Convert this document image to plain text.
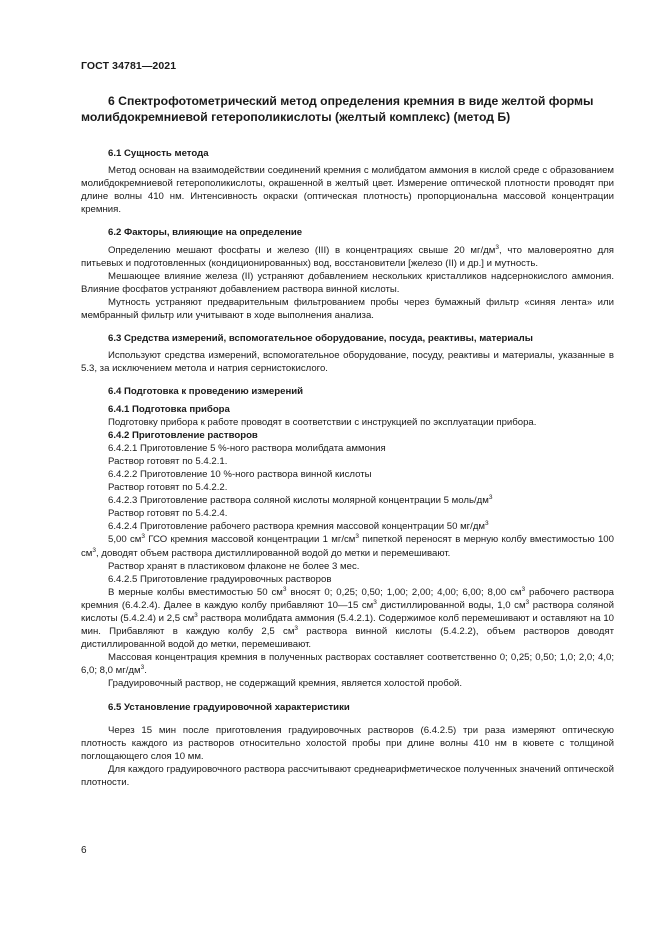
ГОСТ 34781—2021
6 Спектрофотометрический метод определения кремния в виде желтой формы молибдокремниевой гетерополикислоты (желтый комплекс) (метод Б)
6.1 Сущность метода

Метод основан на взаимодействии соединений кремния с молибдатом аммония в кислой среде с образованием молибдокремниевой гетерополикислоты, окрашенной в желтый цвет. Измерение оптической плотности проводят при длине волны 410 нм. Интенсивность окраски (оптическая плотность) пропорциональна массовой концентрации кремния.

6.2 Факторы, влияющие на определение

Определению мешают фосфаты и железо (III) в концентрациях свыше 20 $мг/дм^3$, что маловероятно для питьевых и подготовленных (кондиционированных) вод, восстановители [железо (II) и др.] и мутность.

Мешающее влияние железа (II) устраняют добавлением нескольких кристалликов надсернокислого аммония. Влияние фосфатов устраняют добавлением раствора винной кислоты.

Мутность устраняют предварительным фильтрованием пробы через бумажный фильтр «синяя лента» или мембранный фильтр или учитывают в ходе выполнения анализа.

6.3 Средства измерений, вспомогательное оборудование, посуда, реактивы, материалы

Используют средства измерений, вспомогательное оборудование, посуду, реактивы и материалы, указанные в 5.3, за исключением метола и натрия сернистокислого.

6.4 Подготовка к проведению измерений
6.4.1 Подготовка прибора

Подготовку прибора к работе проводят в соответствии с инструкцией по эксплуатации прибора.

6.4.2 Приготовление растворов

6.4.2.1 Приготовление 5 %-ного раствора молибдата аммония

Раствор готовят по 5.4.2.1.

6.4.2.2 Приготовление 10 %-ного раствора винной кислоты

Раствор готовят по 5.4.2.2.

6.4.2.3 Приготовление раствора соляной кислоты молярной концентрации 5 моль/$дм^3$

Раствор готовят по 5.4.2.4.

6.4.2.4 Приготовление рабочего раствора кремния массовой концентрации 50 $мг/дм^3$

5,00 $см^3$ ГСО кремния массовой концентрации 1 $мг/см^3$ пипеткой переносят в мерную колбу вместимостью 100 $см^3$, доводят объем раствора дистиллированной водой до метки и перемешивают.

Раствор хранят в пластиковом флаконе не более 3 мес.

6.4.2.5 Приготовление градуировочных растворов

В мерные колбы вместимостью 50 $см^3$ вносят 0; 0,25; 0,50; 1,00; 2,00; 4,00; 6,00; 8,00 $см^3$ рабочего раствора кремния (6.4.2.4). Далее в каждую колбу прибавляют 10—15 $см^3$ дистиллированной воды, 1,0 $см^3$ раствора соляной кислоты (5.4.2.4) и 2,5 $см^3$ раствора молибдата аммония (5.4.2.1). Содержимое колб перемешивают и оставляют на 10 мин. Прибавляют в каждую колбу 2,5 $см^3$ раствора винной кислоты (5.4.2.2), объем растворов доводят дистиллированной водой до метки, перемешивают.

Массовая концентрация кремния в полученных растворах составляет соответственно 0; 0,25; 0,50; 1,0; 2,0; 4,0; 6,0; 8,0 $мг/дм^3$.

Градуировочный раствор, не содержащий кремния, является холостой пробой.

6.5 Установление градуировочной характеристики

Через 15 мин после приготовления градуировочных растворов (6.4.2.5) три раза измеряют оптическую плотность каждого из растворов относительно холостой пробы при длине волны 410 нм в кювете с толщиной поглощающего слоя 10 мм.

Для каждого градуировочного раствора рассчитывают среднеарифметическое полученных значений оптической плотности.

6
